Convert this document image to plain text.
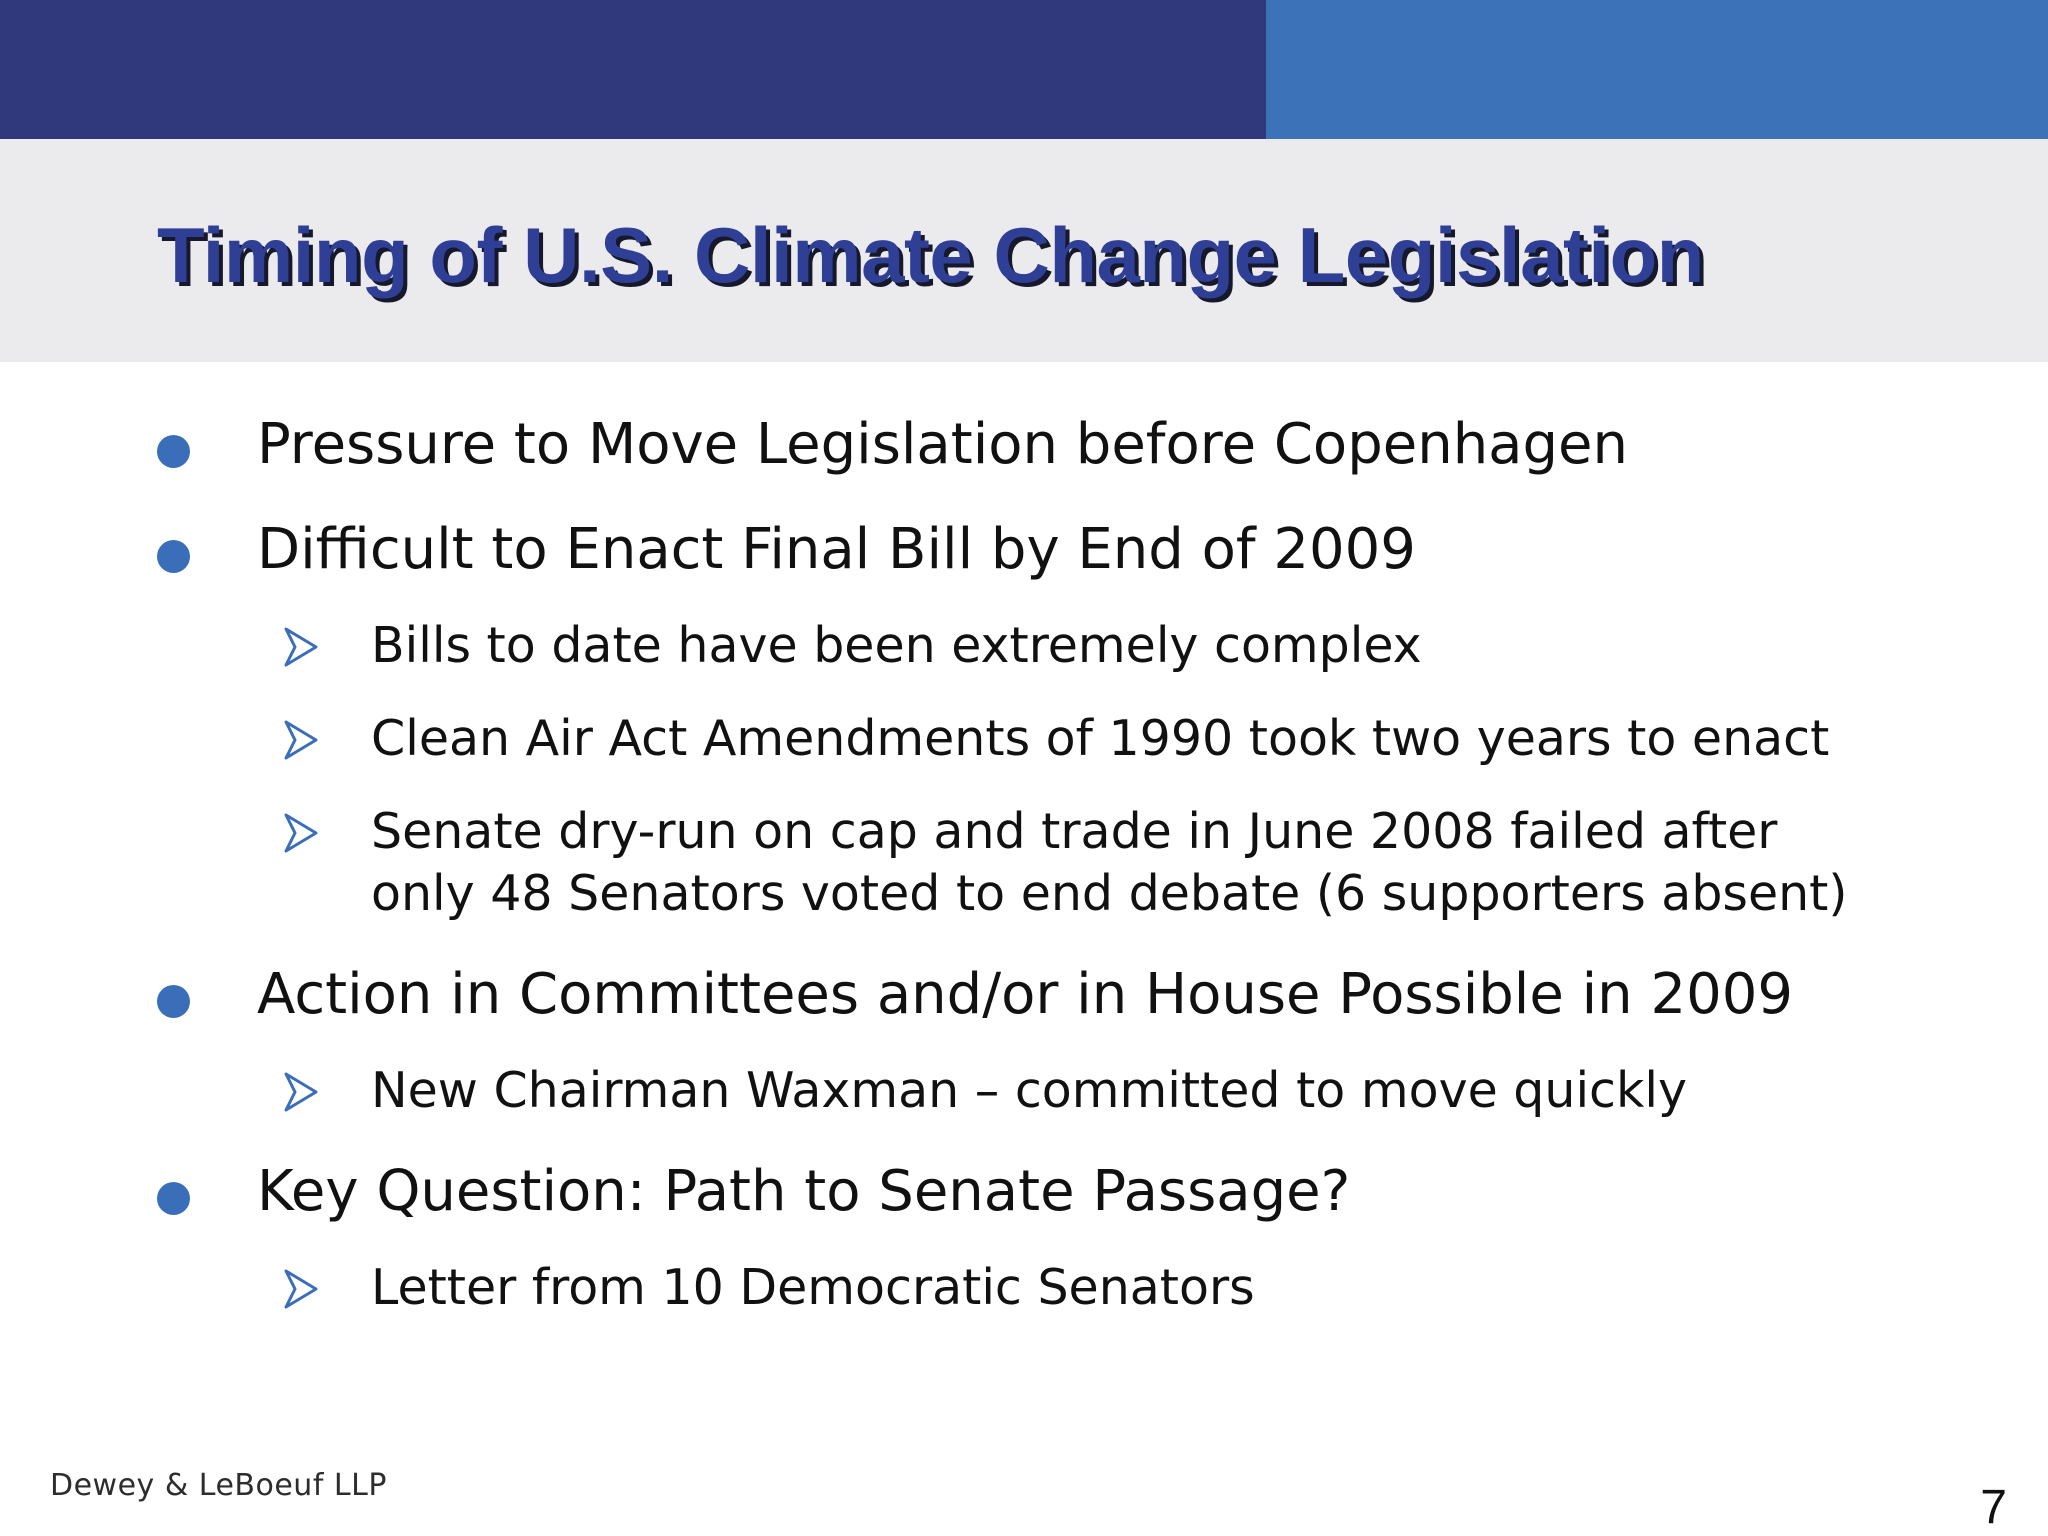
Timing of U.S. Climate Change Legislation
Pressure to Move Legislation before Copenhagen
Difficult to Enact Final Bill by End of 2009
Bills to date have been extremely complex
Clean Air Act Amendments of 1990 took two years to enact
Senate dry-run on cap and trade in June 2008 failed after
only 48 Senators voted to end debate (6 supporters absent)
Action in Committees and/or in House Possible in 2009
New Chairman Waxman – committed to move quickly
Key Question: Path to Senate Passage?
Letter from 10 Democratic Senators
Dewey & LeBoeuf LLP	7
